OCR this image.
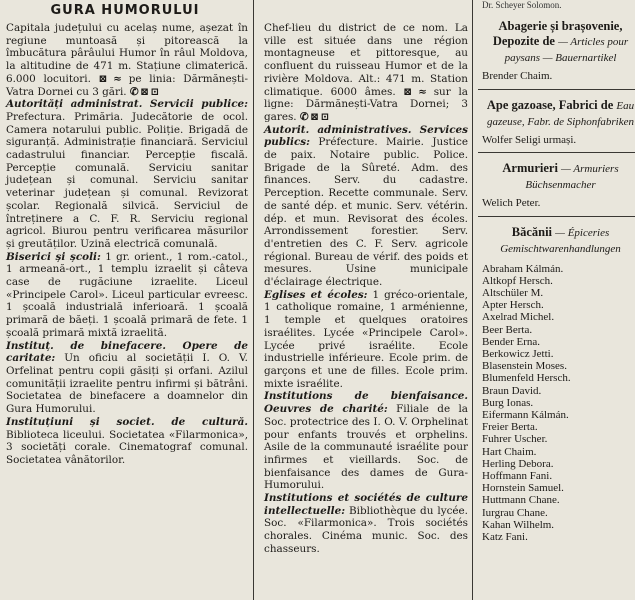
GURA HUMORULUI

Capitala județului cu acelaș nume, așezat în regiune muntoasă și pitorească la îmbucătura pârâului Humor în râul Moldova, la altitudine de 471 m. Stațiune climaterică. 6.000 locuitori. ⊠ ≈ pe linia: Dărmănești-Vatra Dornei cu 3 gări. ✆ ⊠ ⊡

Autorități administrat. Servicii publice: Prefectura. Primăria. Judecătorie de ocol. Camera notarului public. Poliție. Brigadă de siguranță. Administrație financiară. Serviciul cadastrului financiar. Percepție fiscală. Percepție comunală. Serviciu sanitar județean și comunal. Serviciu sanitar veterinar județean și comunal. Revizorat școlar. Regională silvică. Serviciul de întreținere a C. F. R. Serviciu regional agricol. Biurou pentru verificarea măsurilor și greutăților. Uzină electrică comunală.

Biserici și școli: 1 gr. orient., 1 rom.-catol., 1 armeană-ort., 1 templu izraelit și câteva case de rugăciune izraelite. Liceul «Principele Carol». Liceul particular evreesc. 1 școală industrială inferioară. 1 școală primară de băeți. 1 școală primară de fete. 1 școală primară mixtă izraelită.

Instituț. de binefacere. Opere de caritate: Un oficiu al societății I. O. V. Orfelinat pentru copii găsiți și orfani. Azilul comunității izraelite pentru infirmi și bătrâni. Societatea de binefacere a doamnelor din Gura Humorului.

Instituțiuni și societ. de cultură. Biblioteca liceului. Societatea «Filarmonica», 3 societăți corale. Cinematograf comunal. Societatea vânătorilor.

Chef-lieu du district de ce nom. La ville est située dans une région montagneuse et pittoresque, au confluent du ruisseau Humor et de la rivière Moldova. Alt.: 471 m. Station climatique. 6000 âmes. ⊠ ≈ sur la ligne: Dărmănești-Vatra Dornei; 3 gares. ✆ ⊠ ⊡

Autorit. administratives. Services publics: Préfecture. Mairie. Justice de paix. Notaire public. Police. Brigade de la Sûreté. Adm. des finances. Serv. du cadastre. Perception. Recette communale. Serv. de santé dép. et munic. Serv. vétérin. dép. et mun. Revisorat des écoles. Arrondissement forestier. Serv. d'entretien des C. F. Serv. agricole régional. Bureau de vérif. des poids et mesures. Usine municipale d'éclairage électrique.

Eglises et écoles: 1 gréco-orientale, 1 catholique romaine, 1 arménienne, 1 temple et quelques oratoires israélites. Lycée «Principele Carol». Lycée privé israélite. Ecole industrielle inférieure. Ecole prim. de garçons et une de filles. Ecole prim. mixte israélite.

Institutions de bienfaisance. Oeuvres de charité: Filiale de la Soc. protectrice des I. O. V. Orphelinat pour enfants trouvés et orphelins. Asile de la communauté israélite pour infirmes et vieillards. Soc. de bienfaisance des dames de Gura-Humorului.

Institutions et sociétés de culture intellectuelle: Bibliothèque du lycée. Soc. «Filarmonica». Trois sociétés chorales. Cinéma munic. Soc. des chasseurs.

Dr. Scheyer Solomon.
Abagerie și brașovenie, Depozite de — Articles pour paysans — Bauernartikel
Brender Chaim.
Ape gazoase, Fabrici de Eau gazeuse, Fabr. de Siphonfabriken
Wolfer Seligi urmași.
Armurieri — Armuriers Büchsenmacher
Welich Peter.
Băcănii — Épiceries Gemischtwarenhandlungen
Abraham Kálmán.
Altkopf Hersch.
Altschüler M.
Apter Hersch.
Axelrad Michel.
Beer Berta.
Bender Erna.
Berkowicz Jetti.
Blasenstein Moses.
Blumenfeld Hersch.
Braun David.
Burg Ionas.
Eifermann Kálmán.
Freier Berta.
Fuhrer Uscher.
Hart Chaim.
Herling Debora.
Hoffmann Fani.
Hornstein Samuel.
Huttmann Chane.
Iurgrau Chane.
Kahan Wilhelm.
Katz Fani.
